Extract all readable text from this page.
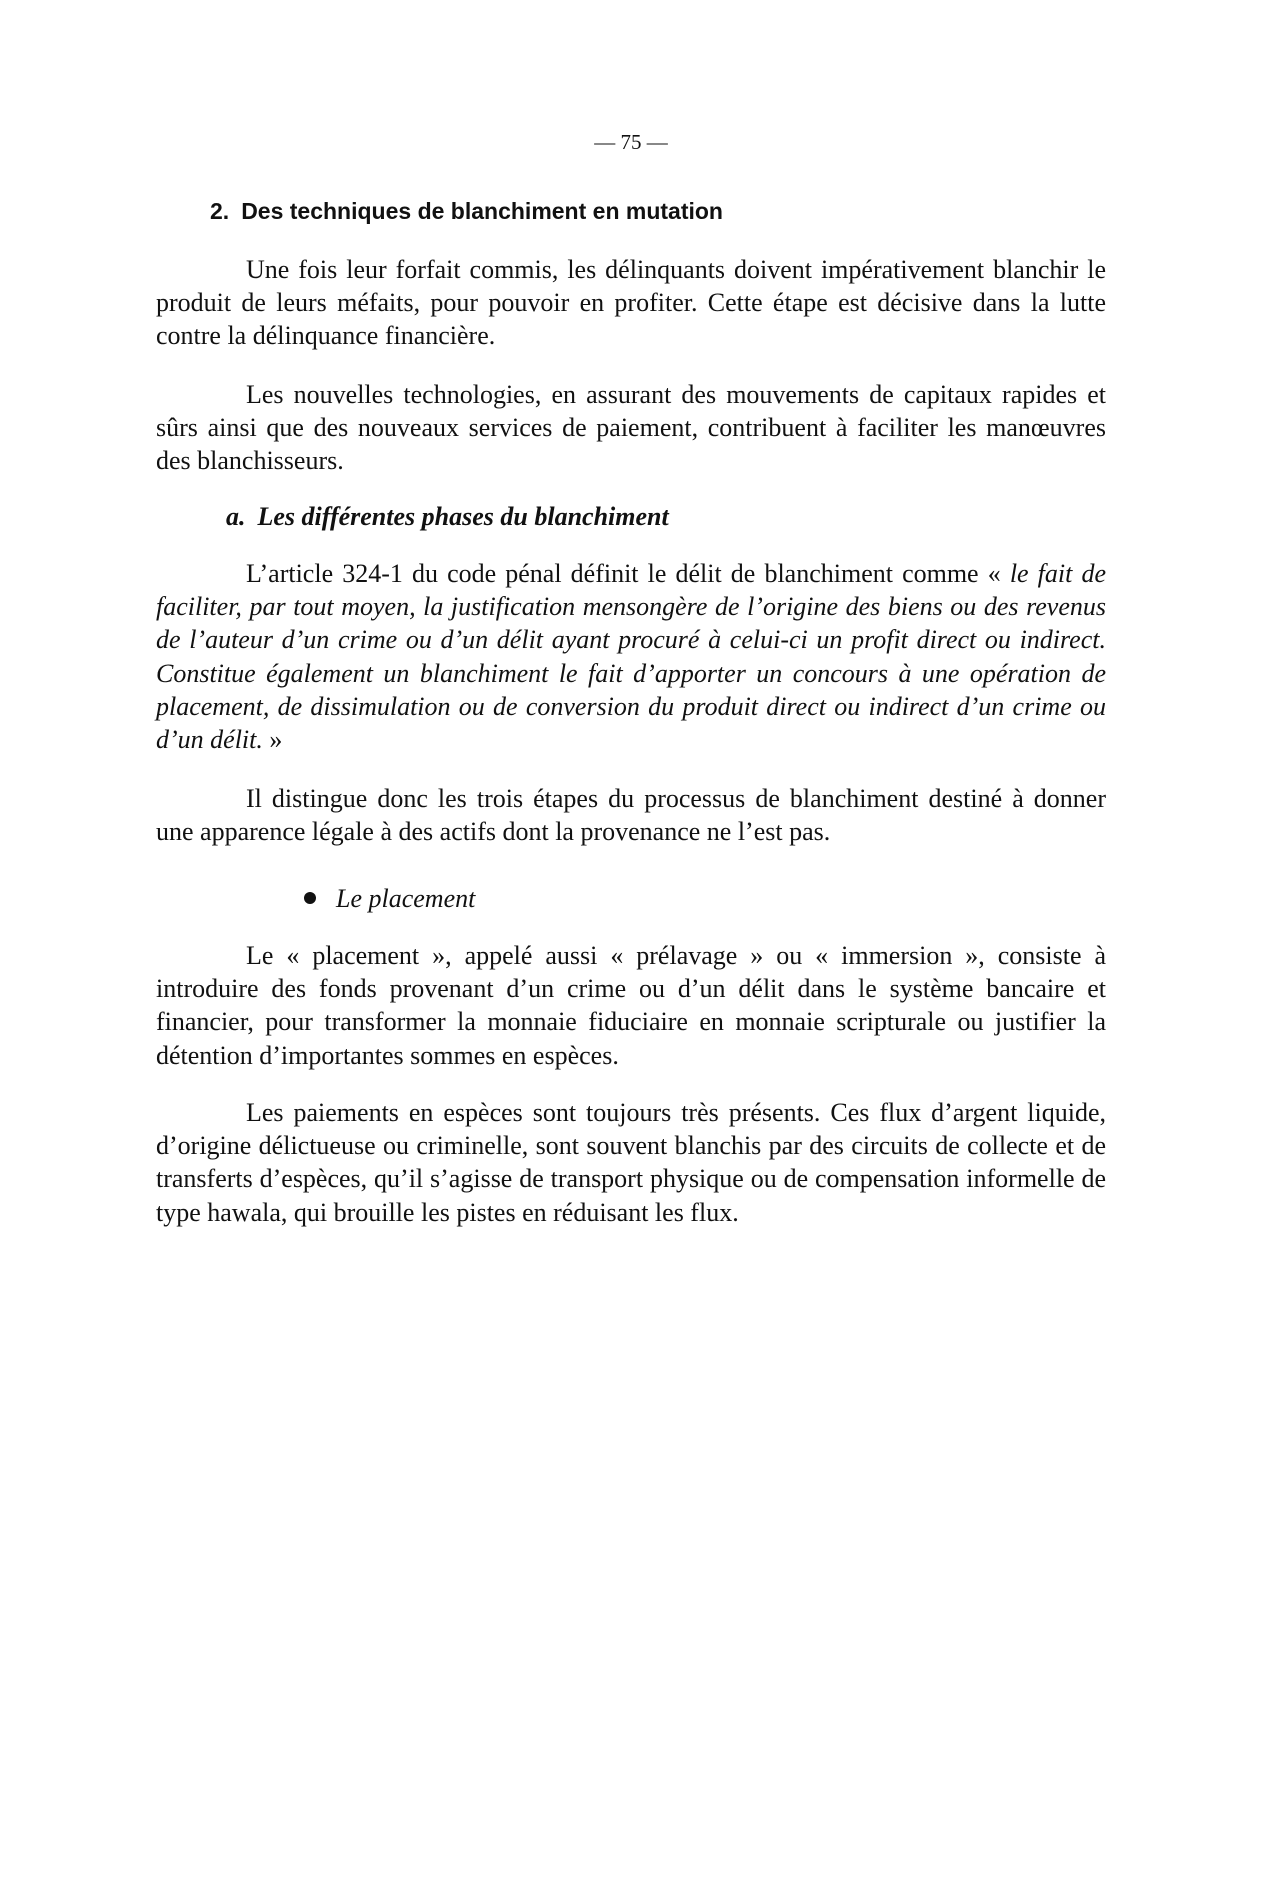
— 75 —
2. Des techniques de blanchiment en mutation

Une fois leur forfait commis, les délinquants doivent impérativement blanchir le produit de leurs méfaits, pour pouvoir en profiter. Cette étape est décisive dans la lutte contre la délinquance financière.

Les nouvelles technologies, en assurant des mouvements de capitaux rapides et sûrs ainsi que des nouveaux services de paiement, contribuent à faciliter les manœuvres des blanchisseurs.

a. Les différentes phases du blanchiment

L’article 324-1 du code pénal définit le délit de blanchiment comme « le fait de faciliter, par tout moyen, la justification mensongère de l’origine des biens ou des revenus de l’auteur d’un crime ou d’un délit ayant procuré à celui-ci un profit direct ou indirect. Constitue également un blanchiment le fait d’apporter un concours à une opération de placement, de dissimulation ou de conversion du produit direct ou indirect d’un crime ou d’un délit. »

Il distingue donc les trois étapes du processus de blanchiment destiné à donner une apparence légale à des actifs dont la provenance ne l’est pas.

Le placement

Le « placement », appelé aussi « prélavage » ou « immersion », consiste à introduire des fonds provenant d’un crime ou d’un délit dans le système bancaire et financier, pour transformer la monnaie fiduciaire en monnaie scripturale ou justifier la détention d’importantes sommes en espèces.

Les paiements en espèces sont toujours très présents. Ces flux d’argent liquide, d’origine délictueuse ou criminelle, sont souvent blanchis par des circuits de collecte et de transferts d’espèces, qu’il s’agisse de transport physique ou de compensation informelle de type hawala, qui brouille les pistes en réduisant les flux.
